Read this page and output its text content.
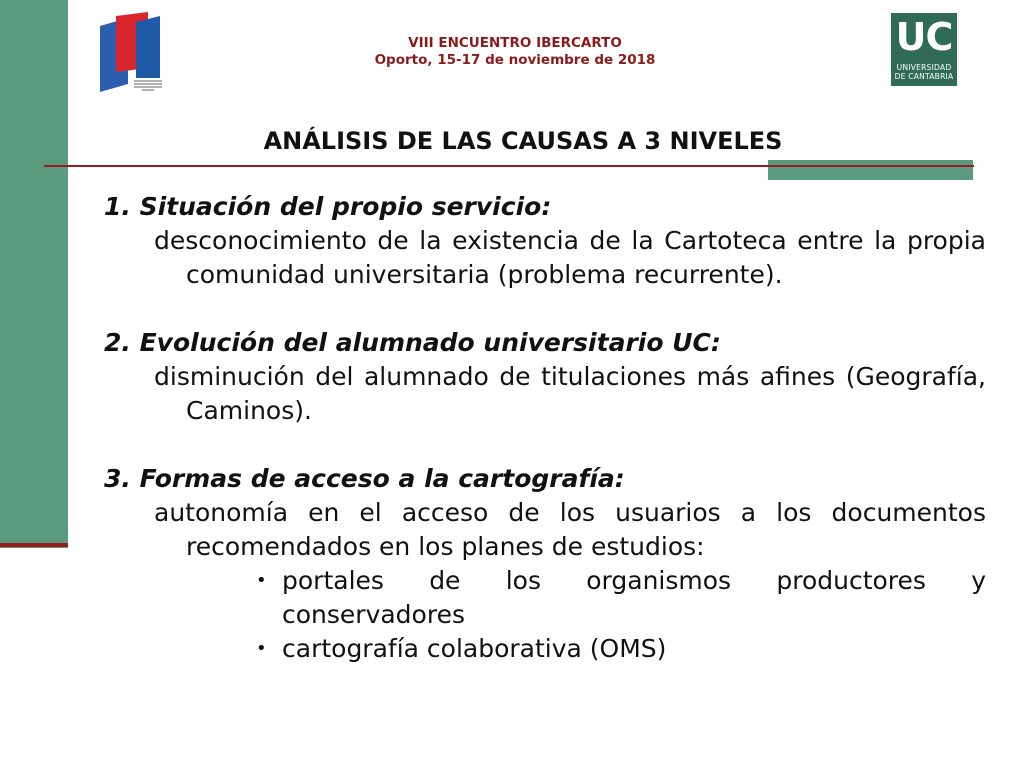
VIII ENCUENTRO IBERCARTO
Oporto, 15-17 de noviembre de 2018
UC
UNIVERSIDAD
DE CANTABRIA
ANÁLISIS DE LAS CAUSAS A 3 NIVELES
1. Situación del propio servicio:
desconocimiento de la existencia de la Cartoteca entre la propia comunidad universitaria (problema recurrente).
2. Evolución del alumnado universitario UC:
disminución del alumnado de titulaciones más afines (Geografía, Caminos).
3. Formas de acceso a la cartografía:
autonomía en el acceso de los usuarios a los documentos recomendados en los planes de estudios:
• portales de los organismos productores y conservadores
• cartografía colaborativa (OMS)
